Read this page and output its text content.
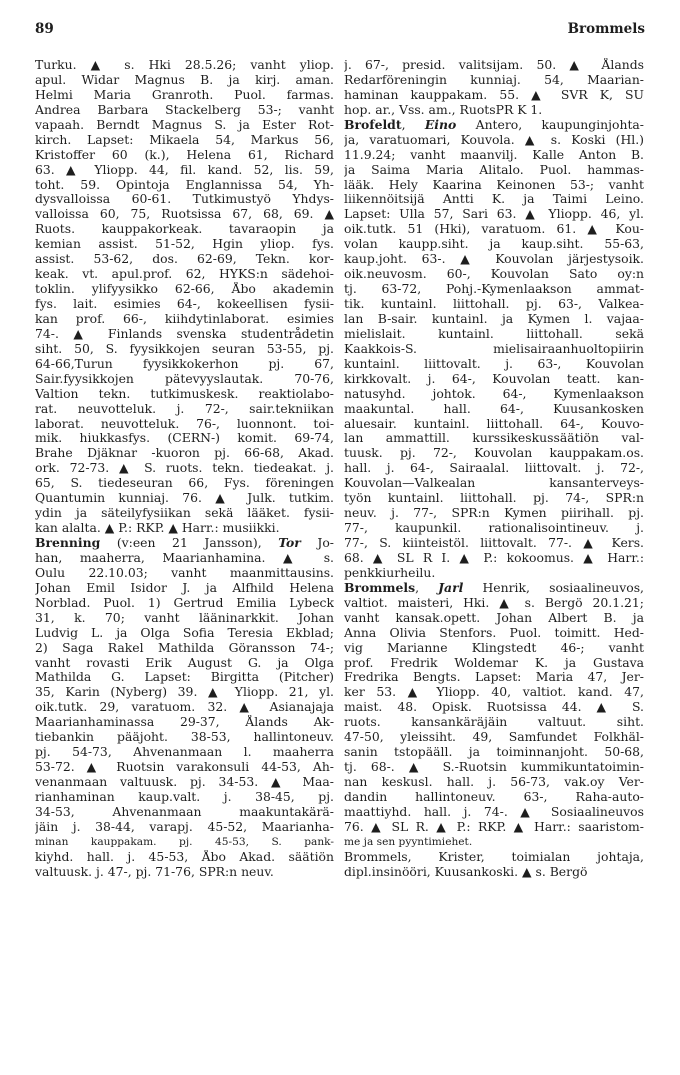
89	Brommels
Turku. ▲ s. Hki 28.5.26; vanht yliop.
apul. Widar Magnus B. ja kirj. aman.
Helmi Maria Granroth. Puol. farmas.
Andrea Barbara Stackelberg 53-; vanht
vapaah. Berndt Magnus S. ja Ester Rot-
kirch. Lapset: Mikaela 54, Markus 56,
Kristoffer 60 (k.), Helena 61, Richard
63. ▲ Yliopp. 44, fil. kand. 52, lis. 59,
toht. 59. Opintoja Englannissa 54, Yh-
dysvalloissa 60-61. Tutkimustyö Yhdys-
valloissa 60, 75, Ruotsissa 67, 68, 69. ▲
Ruots. kauppakorkeak. tavaraopin ja
kemian assist. 51-52, Hgin yliop. fys.
assist. 53-62, dos. 62-69, Tekn. kor-
keak. vt. apul.prof. 62, HYKS:n sädehoi-
toklin. ylifyysikko 62-66, Åbo akademin
fys. lait. esimies 64-, kokeellisen fysii-
kan prof. 66-, kiihdytinlaborat. esimies
74-. ▲ Finlands svenska studentrådetin
siht. 50, S. fyysikkojen seuran 53-55, pj.
64-66,Turun fyysikkokerhon pj. 67,
Sair.fyysikkojen pätevyyslautak. 70-76,
Valtion tekn. tutkimuskesk. reaktiolabo-
rat. neuvotteluk. j. 72-, sair.tekniikan
laborat. neuvotteluk. 76-, luonnont. toi-
mik. hiukkasfys. (CERN-) komit. 69-74,
Brahe Djäknar -kuoron pj. 66-68, Akad.
ork. 72-73. ▲ S. ruots. tekn. tiedeakat. j.
65, S. tiedeseuran 66, Fys. föreningen
Quantumin kunniaj. 76. ▲ Julk. tutkim.
ydin ja säteilyfysiikan sekä lääket. fysii-
kan alalta. ▲ P.: RKP. ▲ Harr.: musiikki.
Brenning (v:een 21 Jansson), Tor Jo-
han, maaherra, Maarianhamina. ▲ s.
Oulu 22.10.03; vanht maanmittausins.
Johan Emil Isidor J. ja Alfhild Helena
Norblad. Puol. 1) Gertrud Emilia Lybeck
31, k. 70; vanht lääninarkkit. Johan
Ludvig L. ja Olga Sofia Teresia Ekblad;
2) Saga Rakel Mathilda Göransson 74-;
vanht rovasti Erik August G. ja Olga
Mathilda G. Lapset: Birgitta (Pitcher)
35, Karin (Nyberg) 39. ▲ Yliopp. 21, yl.
oik.tutk. 29, varatuom. 32. ▲ Asianajaja
Maarianhaminassa 29-37, Ålands Ak-
tiebankin pääjoht. 38-53, hallintoneuv.
pj. 54-73, Ahvenanmaan l. maaherra
53-72. ▲ Ruotsin varakonsuli 44-53, Ah-
venanmaan valtuusk. pj. 34-53. ▲ Maa-
rianhaminan kaup.valt. j. 38-45, pj.
34-53, Ahvenanmaan maakuntakärä-
jäin j. 38-44, varapj. 45-52, Maarianha-
minan kauppakam. pj. 45-53, S. pank-
kiyhd. hall. j. 45-53, Åbo Akad. säätiön
valtuusk. j. 47-, pj. 71-76, SPR:n neuv.
j. 67-, presid. valitsijam. 50. ▲ Ålands
Redarföreningin kunniaj. 54, Maarian-
haminan kauppakam. 55. ▲ SVR K, SU
hop. ar., Vss. am., RuotsPR K 1.
Brofeldt, Eino Antero, kaupunginjohta-
ja, varatuomari, Kouvola. ▲ s. Koski (Hl.)
11.9.24; vanht maanvilj. Kalle Anton B.
ja Saima Maria Alitalo. Puol. hammas-
lääk. Hely Kaarina Keinonen 53-; vanht
liikennöitsijä Antti K. ja Taimi Leino.
Lapset: Ulla 57, Sari 63. ▲ Yliopp. 46, yl.
oik.tutk. 51 (Hki), varatuom. 61. ▲ Kou-
volan kaupp.siht. ja kaup.siht. 55-63,
kaup.joht. 63-. ▲ Kouvolan järjestysoik.
oik.neuvosm. 60-, Kouvolan Sato oy:n
tj. 63-72, Pohj.-Kymenlaakson ammat-
tik. kuntainl. liittohall. pj. 63-, Valkea-
lan B-sair. kuntainl. ja Kymen l. vajaa-
mielislait. kuntainl. liittohall. sekä
Kaakkois-S. mielisairaanhuoltopiirin
kuntainl. liittovalt. j. 63-, Kouvolan
kirkkovalt. j. 64-, Kouvolan teatt. kan-
natusyhd. johtok. 64-, Kymenlaakson
maakuntal. hall. 64-, Kuusankosken
aluesair. kuntainl. liittohall. 64-, Kouvo-
lan ammattill. kurssikeskussäätiön val-
tuusk. pj. 72-, Kouvolan kauppakam.os.
hall. j. 64-, Sairaalal. liittovalt. j. 72-,
Kouvolan—Valkealan kansanterveys-
työn kuntainl. liittohall. pj. 74-, SPR:n
neuv. j. 77-, SPR:n Kymen piirihall. pj.
77-, kaupunkil. rationalisointineuv. j.
77-, S. kiinteistöl. liittovalt. 77-. ▲ Kers.
68. ▲ SL R I. ▲ P.: kokoomus. ▲ Harr.:
penkkiurheilu.
Brommels, Jarl Henrik, sosiaalineuvos,
valtiot. maisteri, Hki. ▲ s. Bergö 20.1.21;
vanht kansak.opett. Johan Albert B. ja
Anna Olivia Stenfors. Puol. toimitt. Hed-
vig Marianne Klingstedt 46-; vanht
prof. Fredrik Woldemar K. ja Gustava
Fredrika Bengts. Lapset: Maria 47, Jer-
ker 53. ▲ Yliopp. 40, valtiot. kand. 47,
maist. 48. Opisk. Ruotsissa 44. ▲ S.
ruots. kansankäräjäin valtuut. siht.
47-50, yleissiht. 49, Samfundet Folkhäl-
sanin tstopääll. ja toiminnanjoht. 50-68,
tj. 68-. ▲ S.-Ruotsin kummikuntatoimin-
nan keskusl. hall. j. 56-73, vak.oy Ver-
dandin hallintoneuv. 63-, Raha-auto-
maattiyhd. hall. j. 74-. ▲ Sosiaalineuvos
76. ▲ SL R. ▲ P.: RKP. ▲ Harr.: saaristom-
me ja sen pyyntimiehet.
Brommels, Krister, toimialan johtaja,
dipl.insinööri, Kuusankoski. ▲ s. Bergö
